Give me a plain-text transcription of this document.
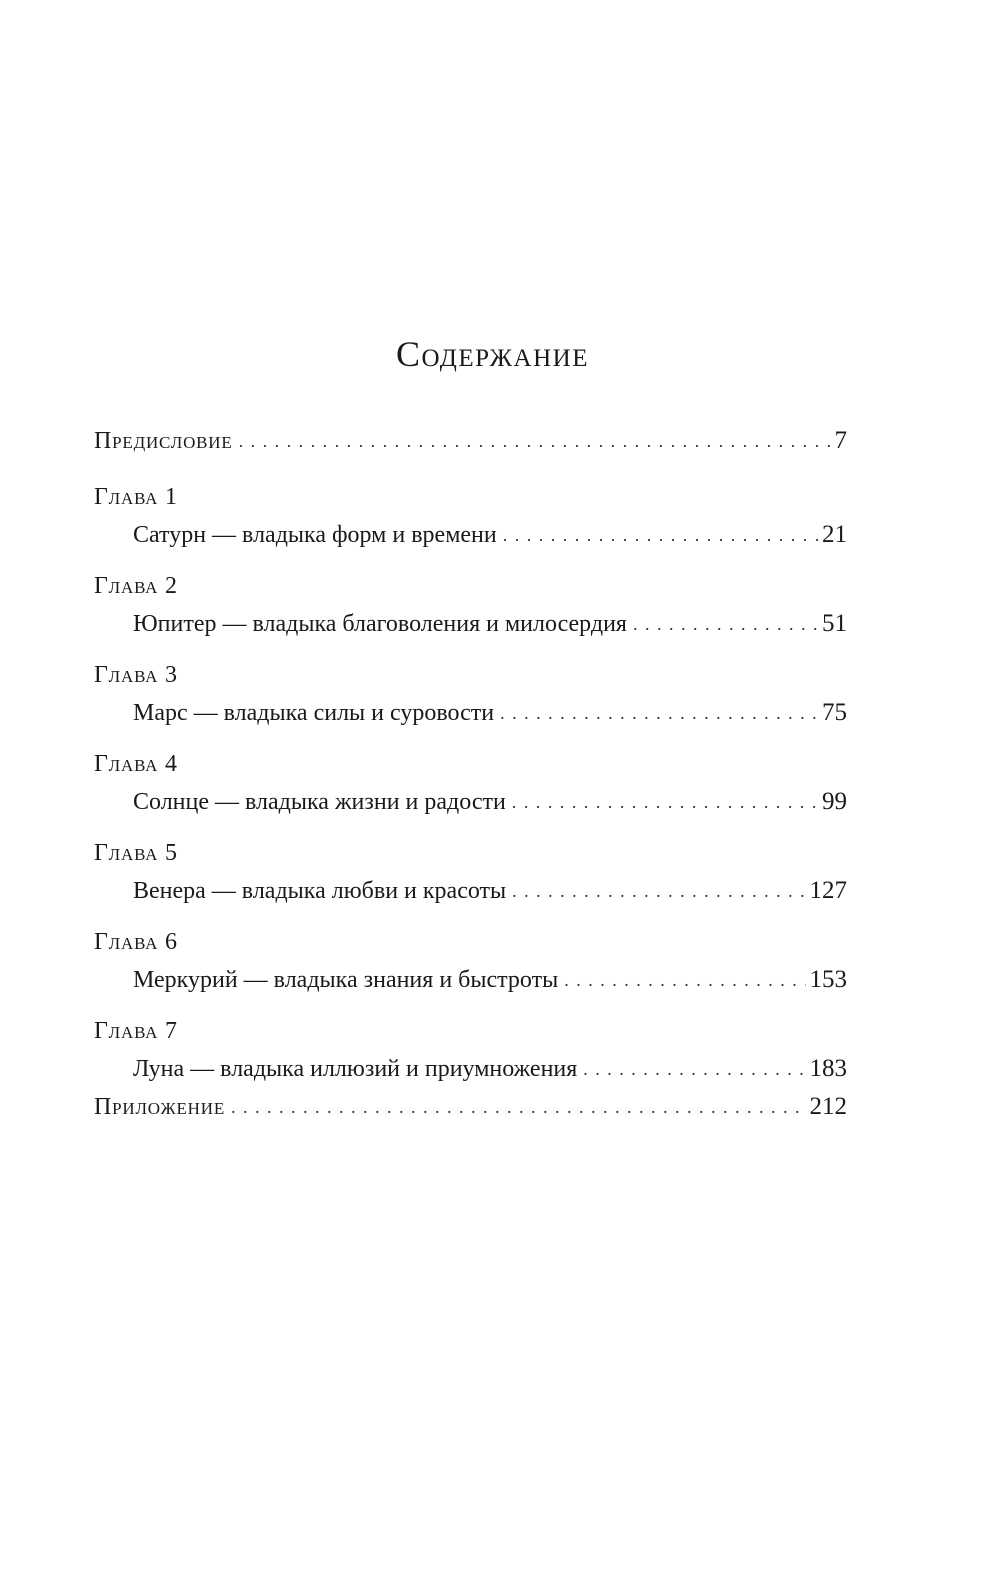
Содержание
Предисловие . . .	7
Глава 1
Сатурн — владыка форм и времени . . .	21
Глава 2
Юпитер — владыка благоволения и милосердия . . .	51
Глава 3
Марс — владыка силы и суровости . . .	75
Глава 4
Солнце — владыка жизни и радости . . .	99
Глава 5
Венера — владыка любви и красоты . . .	127
Глава 6
Меркурий — владыка знания и быстроты . . .	153
Глава 7
Луна — владыка иллюзий и приумножения . . .	183
Приложение . . .	212
